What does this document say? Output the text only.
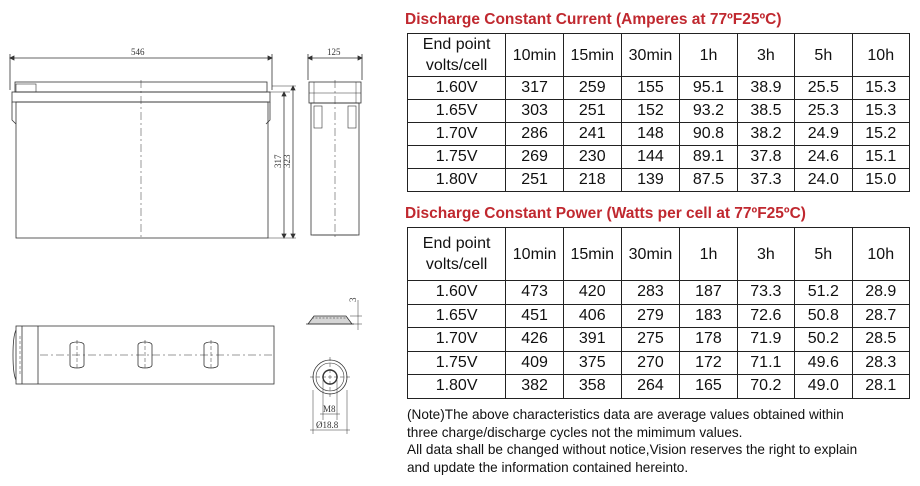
546
317 323
125
3
M8
Ø18.8
Discharge Constant Current (Amperes at 77ºF25ºC)
End point
volts/cell	10min	15min	30min	1h	3h	5h	10h
1.60V	317	259	155	95.1	38.9	25.5	15.3
1.65V	303	251	152	93.2	38.5	25.3	15.3
1.70V	286	241	148	90.8	38.2	24.9	15.2
1.75V	269	230	144	89.1	37.8	24.6	15.1
1.80V	251	218	139	87.5	37.3	24.0	15.0
Discharge Constant Power (Watts per cell at 77ºF25ºC)
End point
volts/cell	10min	15min	30min	1h	3h	5h	10h
1.60V	473	420	283	187	73.3	51.2	28.9
1.65V	451	406	279	183	72.6	50.8	28.7
1.70V	426	391	275	178	71.9	50.2	28.5
1.75V	409	375	270	172	71.1	49.6	28.3
1.80V	382	358	264	165	70.2	49.0	28.1
(Note)The above characteristics data are average values obtained within
three charge/discharge cycles not the mimimum values.
All data shall be changed without notice,Vision reserves the right to explain
and update the information contained hereinto.
